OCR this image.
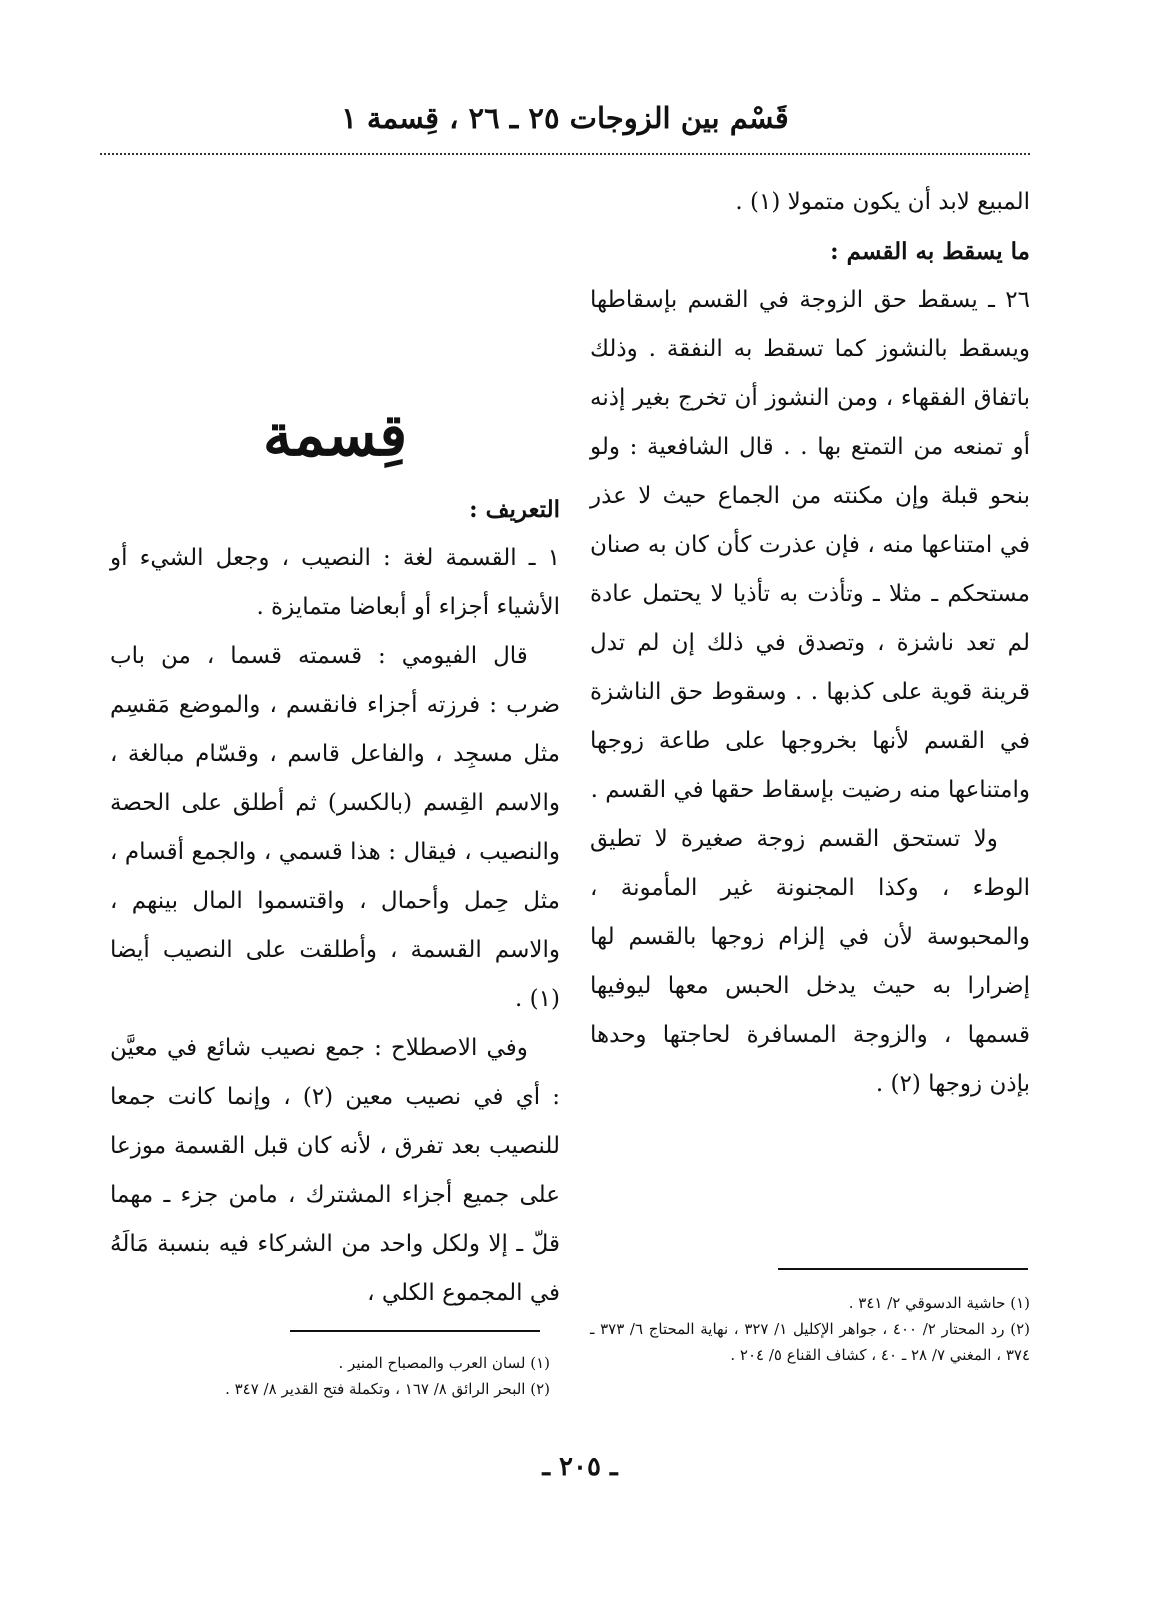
قَسْم بين الزوجات ٢٥ ـ ٢٦ ، قِسمة ١

المبيع لابد أن يكون متمولا (١) .

ما يسقط به القسم :

٢٦ ـ يسقط حق الزوجة في القسم بإسقاطها ويسقط بالنشوز كما تسقط به النفقة . وذلك باتفاق الفقهاء ، ومن النشوز أن تخرج بغير إذنه أو تمنعه من التمتع بها . . قال الشافعية : ولو بنحو قبلة وإن مكنته من الجماع حيث لا عذر في امتناعها منه ، فإن عذرت كأن كان به صنان مستحكم ـ مثلا ـ وتأذت به تأذيا لا يحتمل عادة لم تعد ناشزة ، وتصدق في ذلك إن لم تدل قرينة قوية على كذبها . . وسقوط حق الناشزة في القسم لأنها بخروجها على طاعة زوجها وامتناعها منه رضيت بإسقاط حقها في القسم .

ولا تستحق القسم زوجة صغيرة لا تطيق الوطء ، وكذا المجنونة غير المأمونة ، والمحبوسة لأن في إلزام زوجها بالقسم لها إضرارا به حيث يدخل الحبس معها ليوفيها قسمها ، والزوجة المسافرة لحاجتها وحدها بإذن زوجها (٢) .

قِسمة

التعريف :

١ ـ القسمة لغة : النصيب ، وجعل الشيء أو الأشياء أجزاء أو أبعاضا متمايزة .

قال الفيومي : قسمته قسما ، من باب ضرب : فرزته أجزاء فانقسم ، والموضع مَقسِم مثل مسجِد ، والفاعل قاسم ، وقسّام مبالغة ، والاسم القِسم (بالكسر) ثم أطلق على الحصة والنصيب ، فيقال : هذا قسمي ، والجمع أقسام ، مثل حِمل وأحمال ، واقتسموا المال بينهم ، والاسم القسمة ، وأطلقت على النصيب أيضا (١) .

وفي الاصطلاح : جمع نصيب شائع في معيَّن : أي في نصيب معين (٢) ، وإنما كانت جمعا للنصيب بعد تفرق ، لأنه كان قبل القسمة موزعا على جميع أجزاء المشترك ، مامن جزء ـ مهما قلّ ـ إلا ولكل واحد من الشركاء فيه بنسبة مَالَهُ في المجموع الكلي ،	(١) حاشية الدسوقي ٢/ ٣٤١ .

(٢) رد المحتار ٢/ ٤٠٠ ، جواهر الإكليل ١/ ٣٢٧ ، نهاية المحتاج ٦/ ٣٧٣ ـ ٣٧٤ ، المغني ٧/ ٢٨ ـ ٤٠ ، كشاف القناع ٥/ ٢٠٤ .

(١) لسان العرب والمصباح المنير .

(٢) البحر الرائق ٨/ ١٦٧ ، وتكملة فتح القدير ٨/ ٣٤٧ .

ـ ٢٠٥ ـ
